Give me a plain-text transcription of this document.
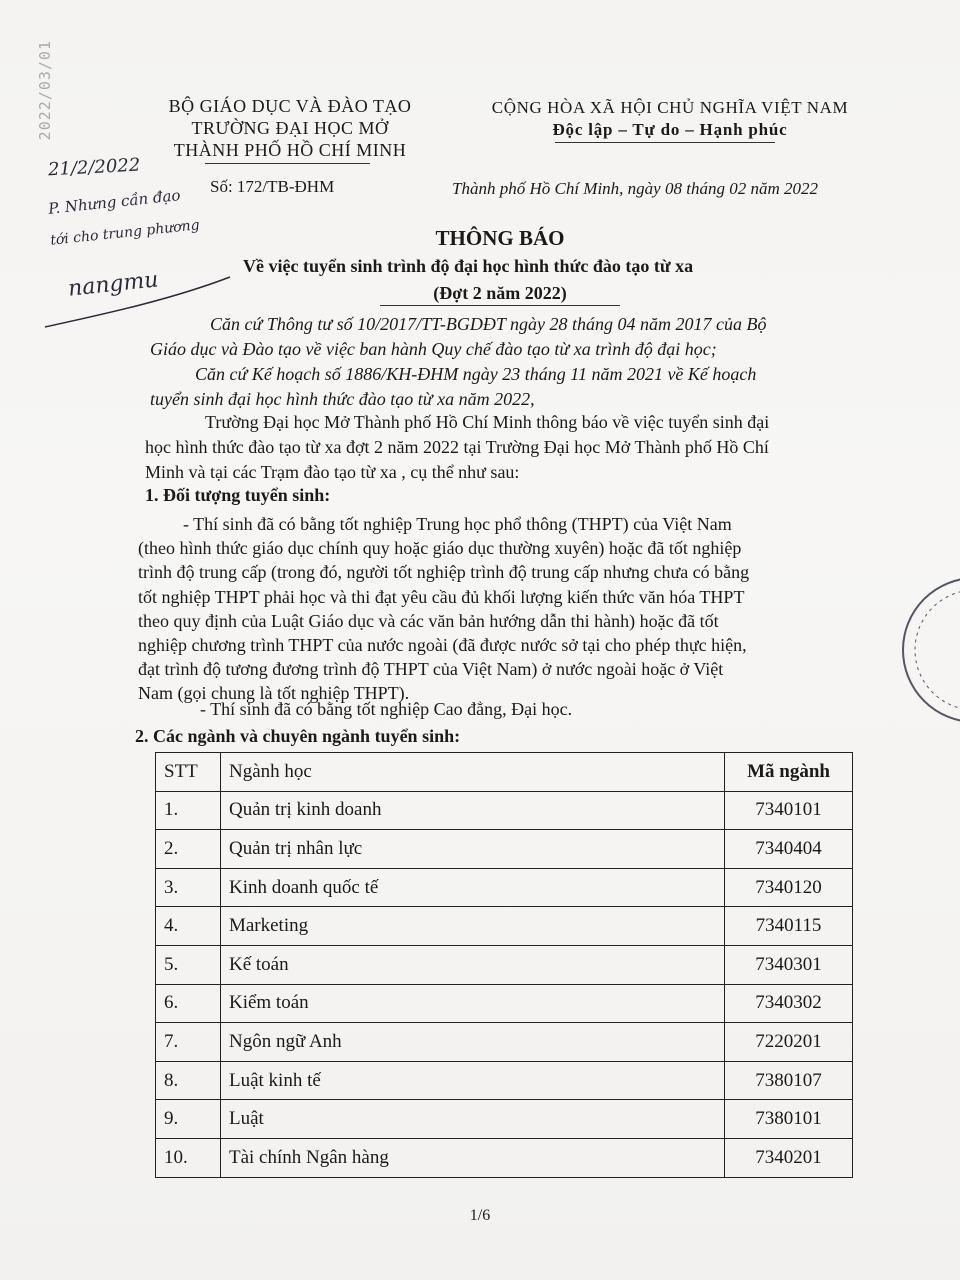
2022/03/01	BỘ GIÁO DỤC VÀ ĐÀO TẠO
TRƯỜNG ĐẠI HỌC MỞ
THÀNH PHỐ HỒ CHÍ MINH
CỘNG HÒA XÃ HỘI CHỦ NGHĨA VIỆT NAM
Độc lập – Tự do – Hạnh phúc
Số: 172/TB-ĐHM	Thành phố Hồ Chí Minh, ngày 08 tháng 02 năm 2022
21/2/2022
P. Nhưng cần đạo
tới cho trung phương
nangmu
THÔNG BÁO
Về việc tuyển sinh trình độ đại học hình thức đào tạo từ xa
(Đợt 2 năm 2022)
Căn cứ Thông tư số 10/2017/TT-BGDĐT ngày 28 tháng 04 năm 2017 của Bộ
Giáo dục và Đào tạo về việc ban hành Quy chế đào tạo từ xa trình độ đại học;
Căn cứ Kế hoạch số 1886/KH-ĐHM ngày 23 tháng 11 năm 2021 về Kế hoạch
tuyển sinh đại học hình thức đào tạo từ xa năm 2022,
Trường Đại học Mở Thành phố Hồ Chí Minh thông báo về việc tuyển sinh đại
học hình thức đào tạo từ xa đợt 2 năm 2022 tại Trường Đại học Mở Thành phố Hồ Chí
Minh và tại các Trạm đào tạo từ xa , cụ thể như sau:
1. Đối tượng tuyển sinh:
- Thí sinh đã có bằng tốt nghiệp Trung học phổ thông (THPT) của Việt Nam
(theo hình thức giáo dục chính quy hoặc giáo dục thường xuyên) hoặc đã tốt nghiệp
trình độ trung cấp (trong đó, người tốt nghiệp trình độ trung cấp nhưng chưa có bằng
tốt nghiệp THPT phải học và thi đạt yêu cầu đủ khối lượng kiến thức văn hóa THPT
theo quy định của Luật Giáo dục và các văn bản hướng dẫn thi hành) hoặc đã tốt
nghiệp chương trình THPT của nước ngoài (đã được nước sở tại cho phép thực hiện,
đạt trình độ tương đương trình độ THPT của Việt Nam) ở nước ngoài hoặc ở Việt
Nam (gọi chung là tốt nghiệp THPT).
- Thí sinh đã có bằng tốt nghiệp Cao đẳng, Đại học.
2. Các ngành và chuyên ngành tuyển sinh:
STT	Ngành học	Mã ngành
1.	Quản trị kinh doanh	7340101
2.	Quản trị nhân lực	7340404
3.	Kinh doanh quốc tế	7340120
4.	Marketing	7340115
5.	Kế toán	7340301
6.	Kiểm toán	7340302
7.	Ngôn ngữ Anh	7220201
8.	Luật kinh tế	7380107
9.	Luật	7380101
10.	Tài chính Ngân hàng	7340201
1/6
